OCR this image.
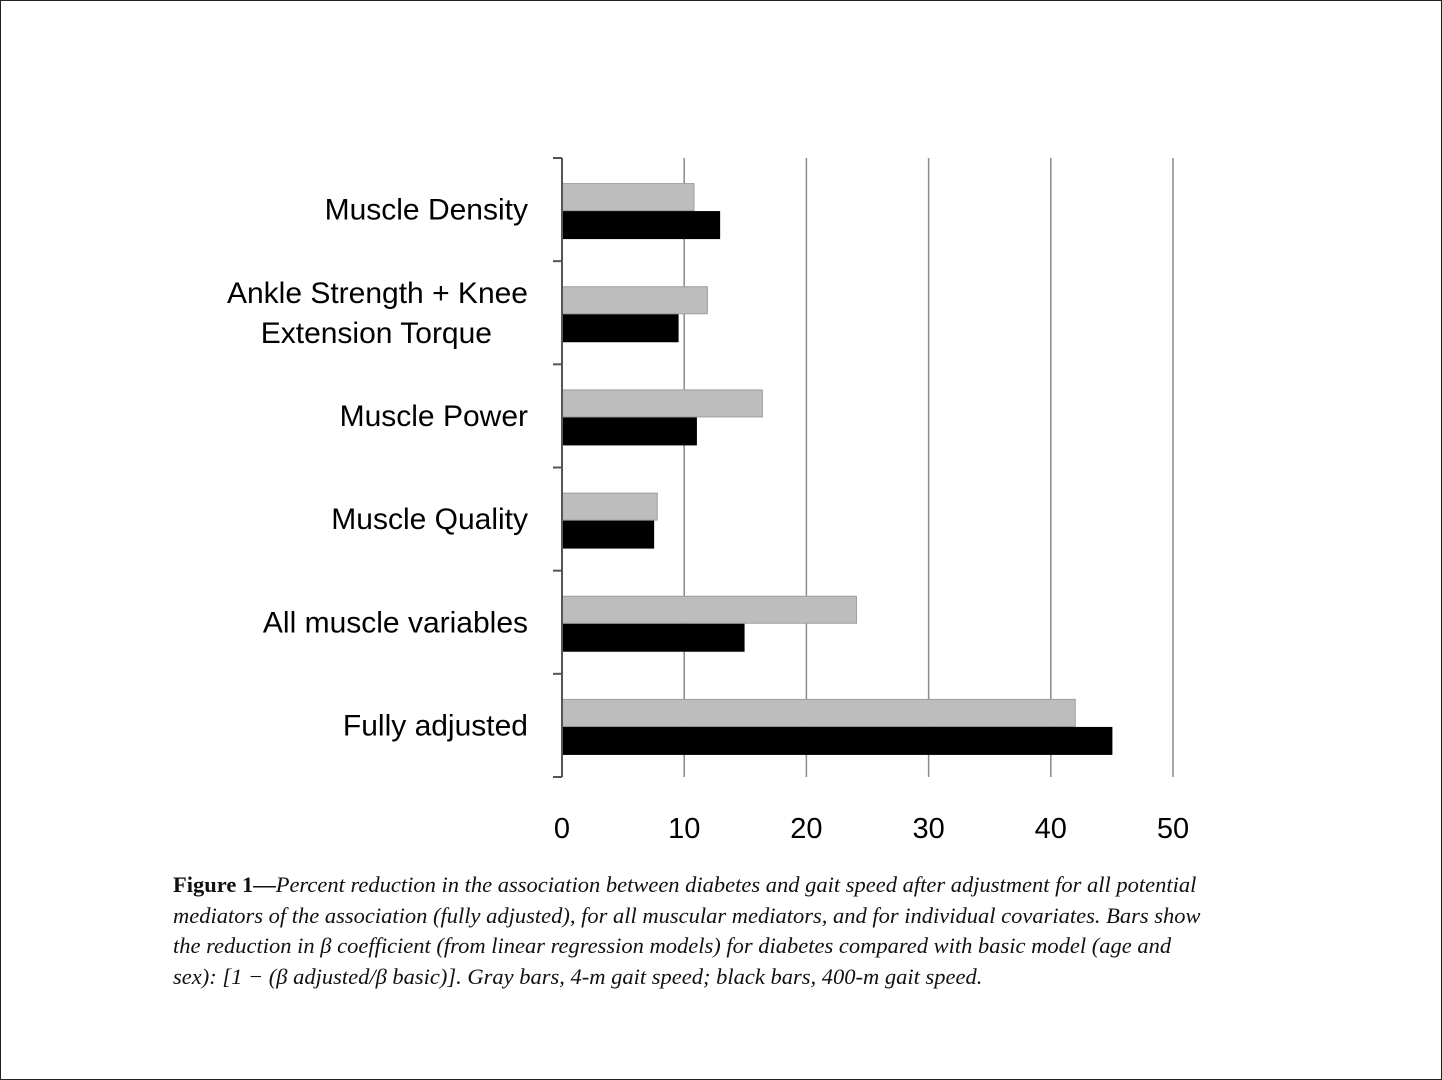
Muscle Density
Ankle Strength + Knee Extension Torque
Muscle Power
Muscle Quality
All muscle variables
Fully adjusted
0	10	20	30	40	50
Figure 1—Percent reduction in the association between diabetes and gait speed after adjustment for all potential mediators of the association (fully adjusted), for all muscular mediators, and for individual covariates. Bars show the reduction in β coefficient (from linear regression models) for diabetes compared with basic model (age and sex): [1 − (β adjusted/β basic)]. Gray bars, 4-m gait speed; black bars, 400-m gait speed.
